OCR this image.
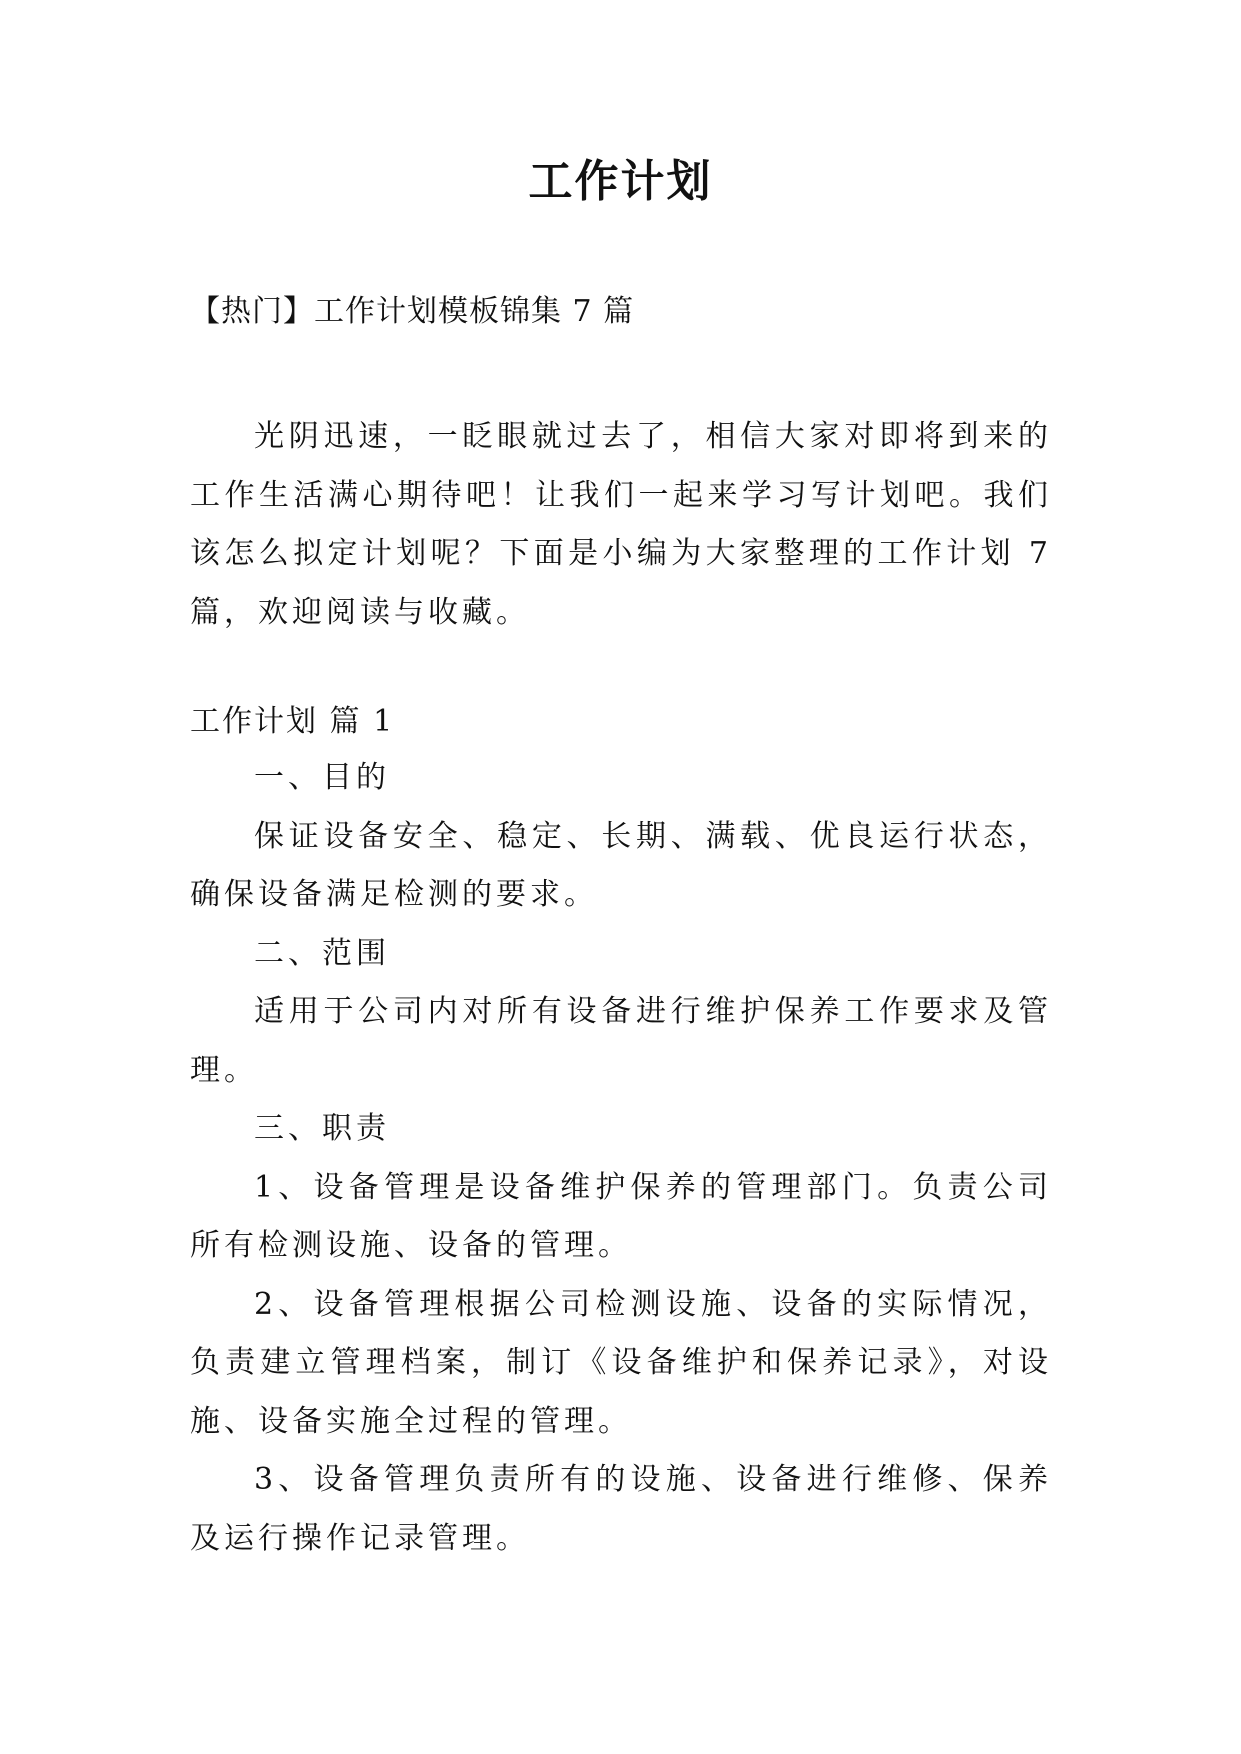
工作计划
【热门】工作计划模板锦集 7 篇
光阴迅速，一眨眼就过去了，相信大家对即将到来的工作生活满心期待吧！让我们一起来学习写计划吧。我们该怎么拟定计划呢？下面是小编为大家整理的工作计划 7 篇，欢迎阅读与收藏。
工作计划 篇 1

一、目的

保证设备安全、稳定、长期、满载、优良运行状态，确保设备满足检测的要求。

二、范围

适用于公司内对所有设备进行维护保养工作要求及管理。

三、职责

1、设备管理是设备维护保养的管理部门。负责公司所有检测设施、设备的管理。

2、设备管理根据公司检测设施、设备的实际情况，负责建立管理档案，制订《设备维护和保养记录》，对设施、设备实施全过程的管理。

3、设备管理负责所有的设施、设备进行维修、保养及运行操作记录管理。
